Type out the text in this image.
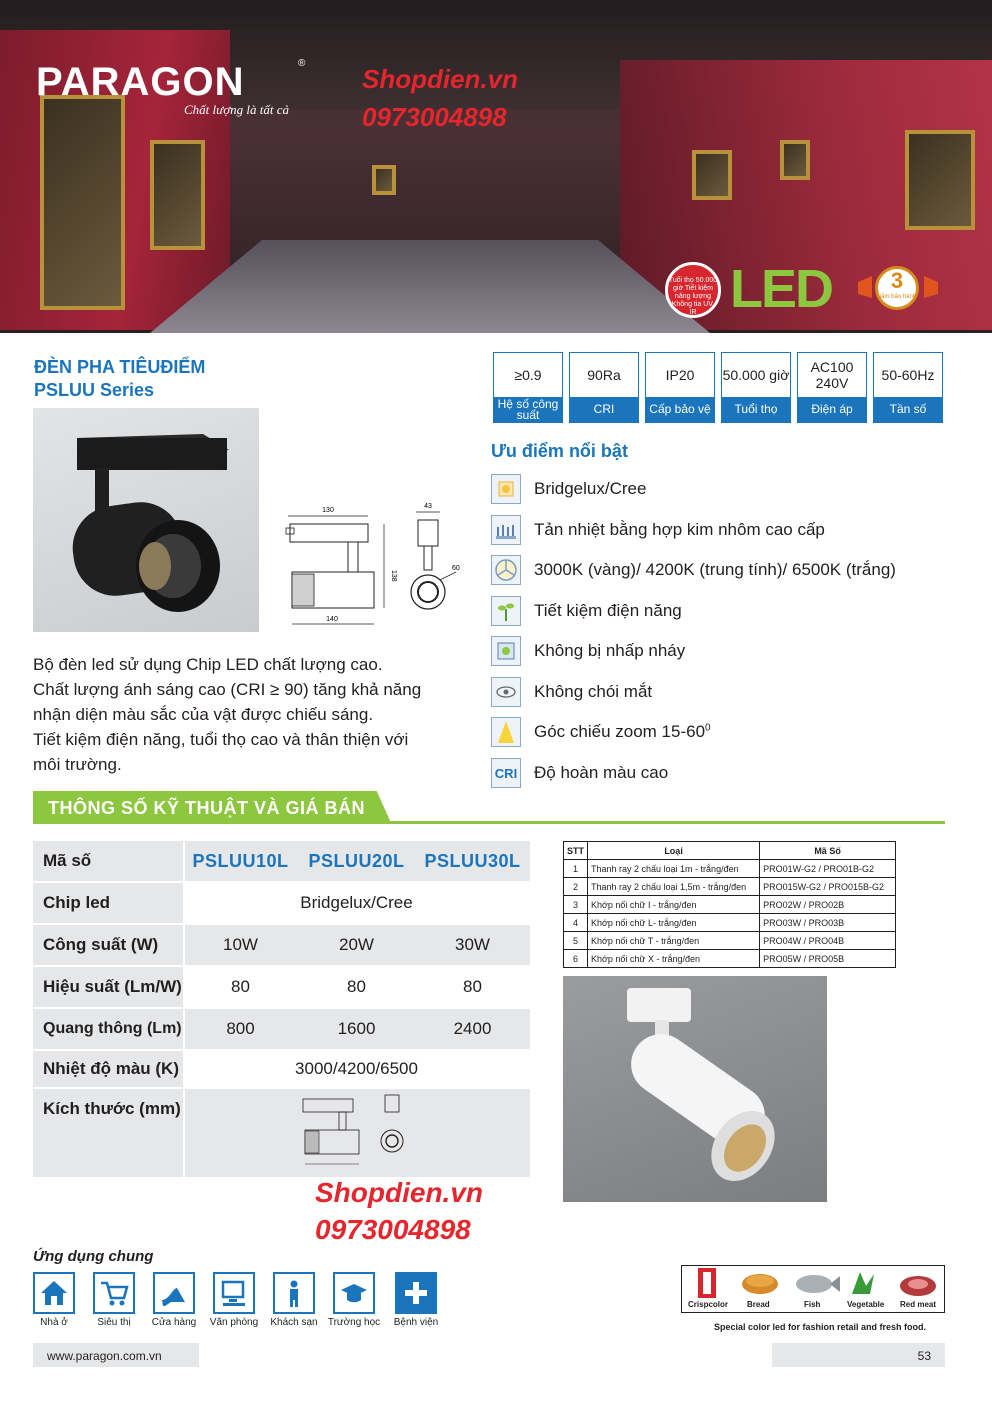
PARAGON	®
Chất lượng là tất cả
Shopdien.vn
0973004898
Tuổi thọ 50.000 giờ Tiết kiệm năng lượng Không tia UV, IR LED	3
năm bảo hành
ĐÈN PHA TIÊUĐIỂM
PSLUU Series
≥0.9
Hệ số công suất
90Ra
CRI
IP20
Cấp bảo vệ
50.000 giờ
Tuổi thọ
AC100 240V
Điện áp
50-60Hz
Tần số
130
43
138
140
60
Ưu điểm nổi bật
Bridgelux/Cree
Tản nhiệt bằng hợp kim nhôm cao cấp
3000K (vàng)/ 4200K (trung tính)/ 6500K (trắng)
Tiết kiệm điện năng
Không bị nhấp nháy
Không chói mắt
Góc chiếu zoom $15-60^0$
CRI Độ hoàn màu cao
Bộ đèn led sử dụng Chip LED chất lượng cao.
Chất lượng ánh sáng cao (CRI ≥ 90) tăng khả năng
nhận diện màu sắc của vật được chiếu sáng.
Tiết kiệm điện năng, tuổi thọ cao và thân thiện với
môi trường.
THÔNG SỐ KỸ THUẬT VÀ GIÁ BÁN
Mã số	PSLUU10L	PSLUU20L	PSLUU30L
Chip led	Bridgelux/Cree
Công suất (W)	10W	20W	30W
Hiệu suất (Lm/W)	80	80	80
Quang thông (Lm)	800	1600	2400
Nhiệt độ màu (K)	3000/4200/6500
Kích thước (mm)
STT	Loại	Mã Số
1	Thanh ray 2 chấu loại 1m - trắng/đen	PRO01W-G2 / PRO01B-G2
2	Thanh ray 2 chấu loại 1,5m - trắng/đen	PRO015W-G2 / PRO015B-G2
3	Khớp nối chữ I - trắng/đen	PRO02W / PRO02B
4	Khớp nối chữ L- trắng/đen	PRO03W / PRO03B
5	Khớp nối chữ T - trắng/đen	PRO04W / PRO04B
6	Khớp nối chữ X - trắng/đen	PRO05W / PRO05B
Shopdien.vn
0973004898
Ứng dụng chung
Nhà ở	Siêu thị	Cửa hàng	Văn phòng	Khách sạn	Trường học	Bệnh viện
Crispcolor Bread	Fish	Vegetable Red meat
Special color led for fashion retail and fresh food.
www.paragon.com.vn	53
